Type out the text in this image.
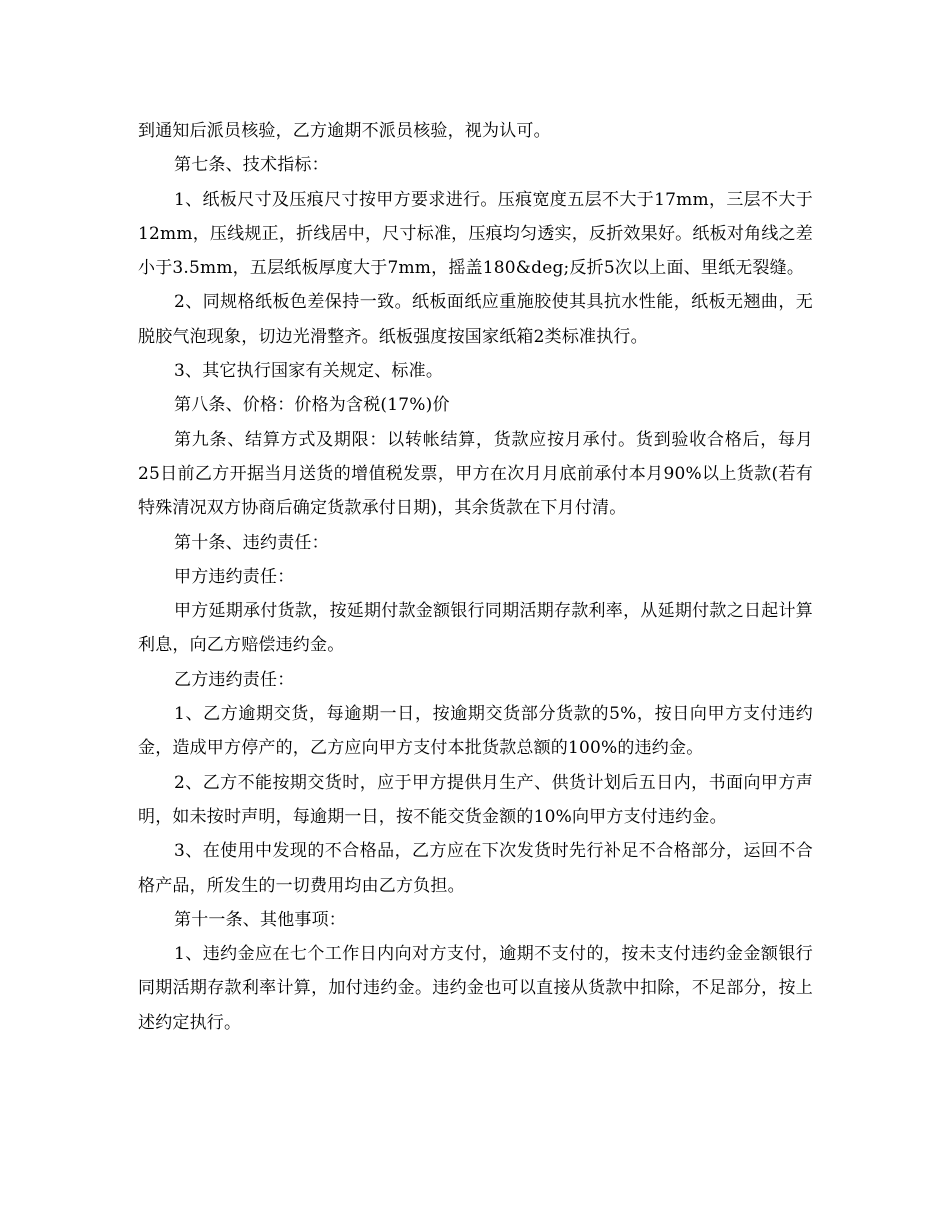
到通知后派员核验，乙方逾期不派员核验，视为认可。

第七条、技术指标：

1、纸板尺寸及压痕尺寸按甲方要求进行。压痕宽度五层不大于17mm，三层不大于12mm，压线规正，折线居中，尺寸标准，压痕均匀透实，反折效果好。纸板对角线之差小于3.5mm，五层纸板厚度大于7mm，摇盖180&deg;反折5次以上面、里纸无裂缝。

2、同规格纸板色差保持一致。纸板面纸应重施胶使其具抗水性能，纸板无翘曲，无脱胶气泡现象，切边光滑整齐。纸板强度按国家纸箱2类标准执行。

3、其它执行国家有关规定、标准。

第八条、价格：价格为含税(17%)价

第九条、结算方式及期限：以转帐结算，货款应按月承付。货到验收合格后，每月25日前乙方开据当月送货的增值税发票，甲方在次月月底前承付本月90%以上货款(若有特殊清况双方协商后确定货款承付日期)，其余货款在下月付清。

第十条、违约责任：

甲方违约责任：

甲方延期承付货款，按延期付款金额银行同期活期存款利率，从延期付款之日起计算利息，向乙方赔偿违约金。

乙方违约责任：

1、乙方逾期交货，每逾期一日，按逾期交货部分货款的5%，按日向甲方支付违约金，造成甲方停产的，乙方应向甲方支付本批货款总额的100%的违约金。

2、乙方不能按期交货时，应于甲方提供月生产、供货计划后五日内，书面向甲方声明，如未按时声明，每逾期一日，按不能交货金额的10%向甲方支付违约金。

3、在使用中发现的不合格品，乙方应在下次发货时先行补足不合格部分，运回不合格产品，所发生的一切费用均由乙方负担。

第十一条、其他事项：

1、违约金应在七个工作日内向对方支付，逾期不支付的，按未支付违约金金额银行同期活期存款利率计算，加付违约金。违约金也可以直接从货款中扣除，不足部分，按上述约定执行。
